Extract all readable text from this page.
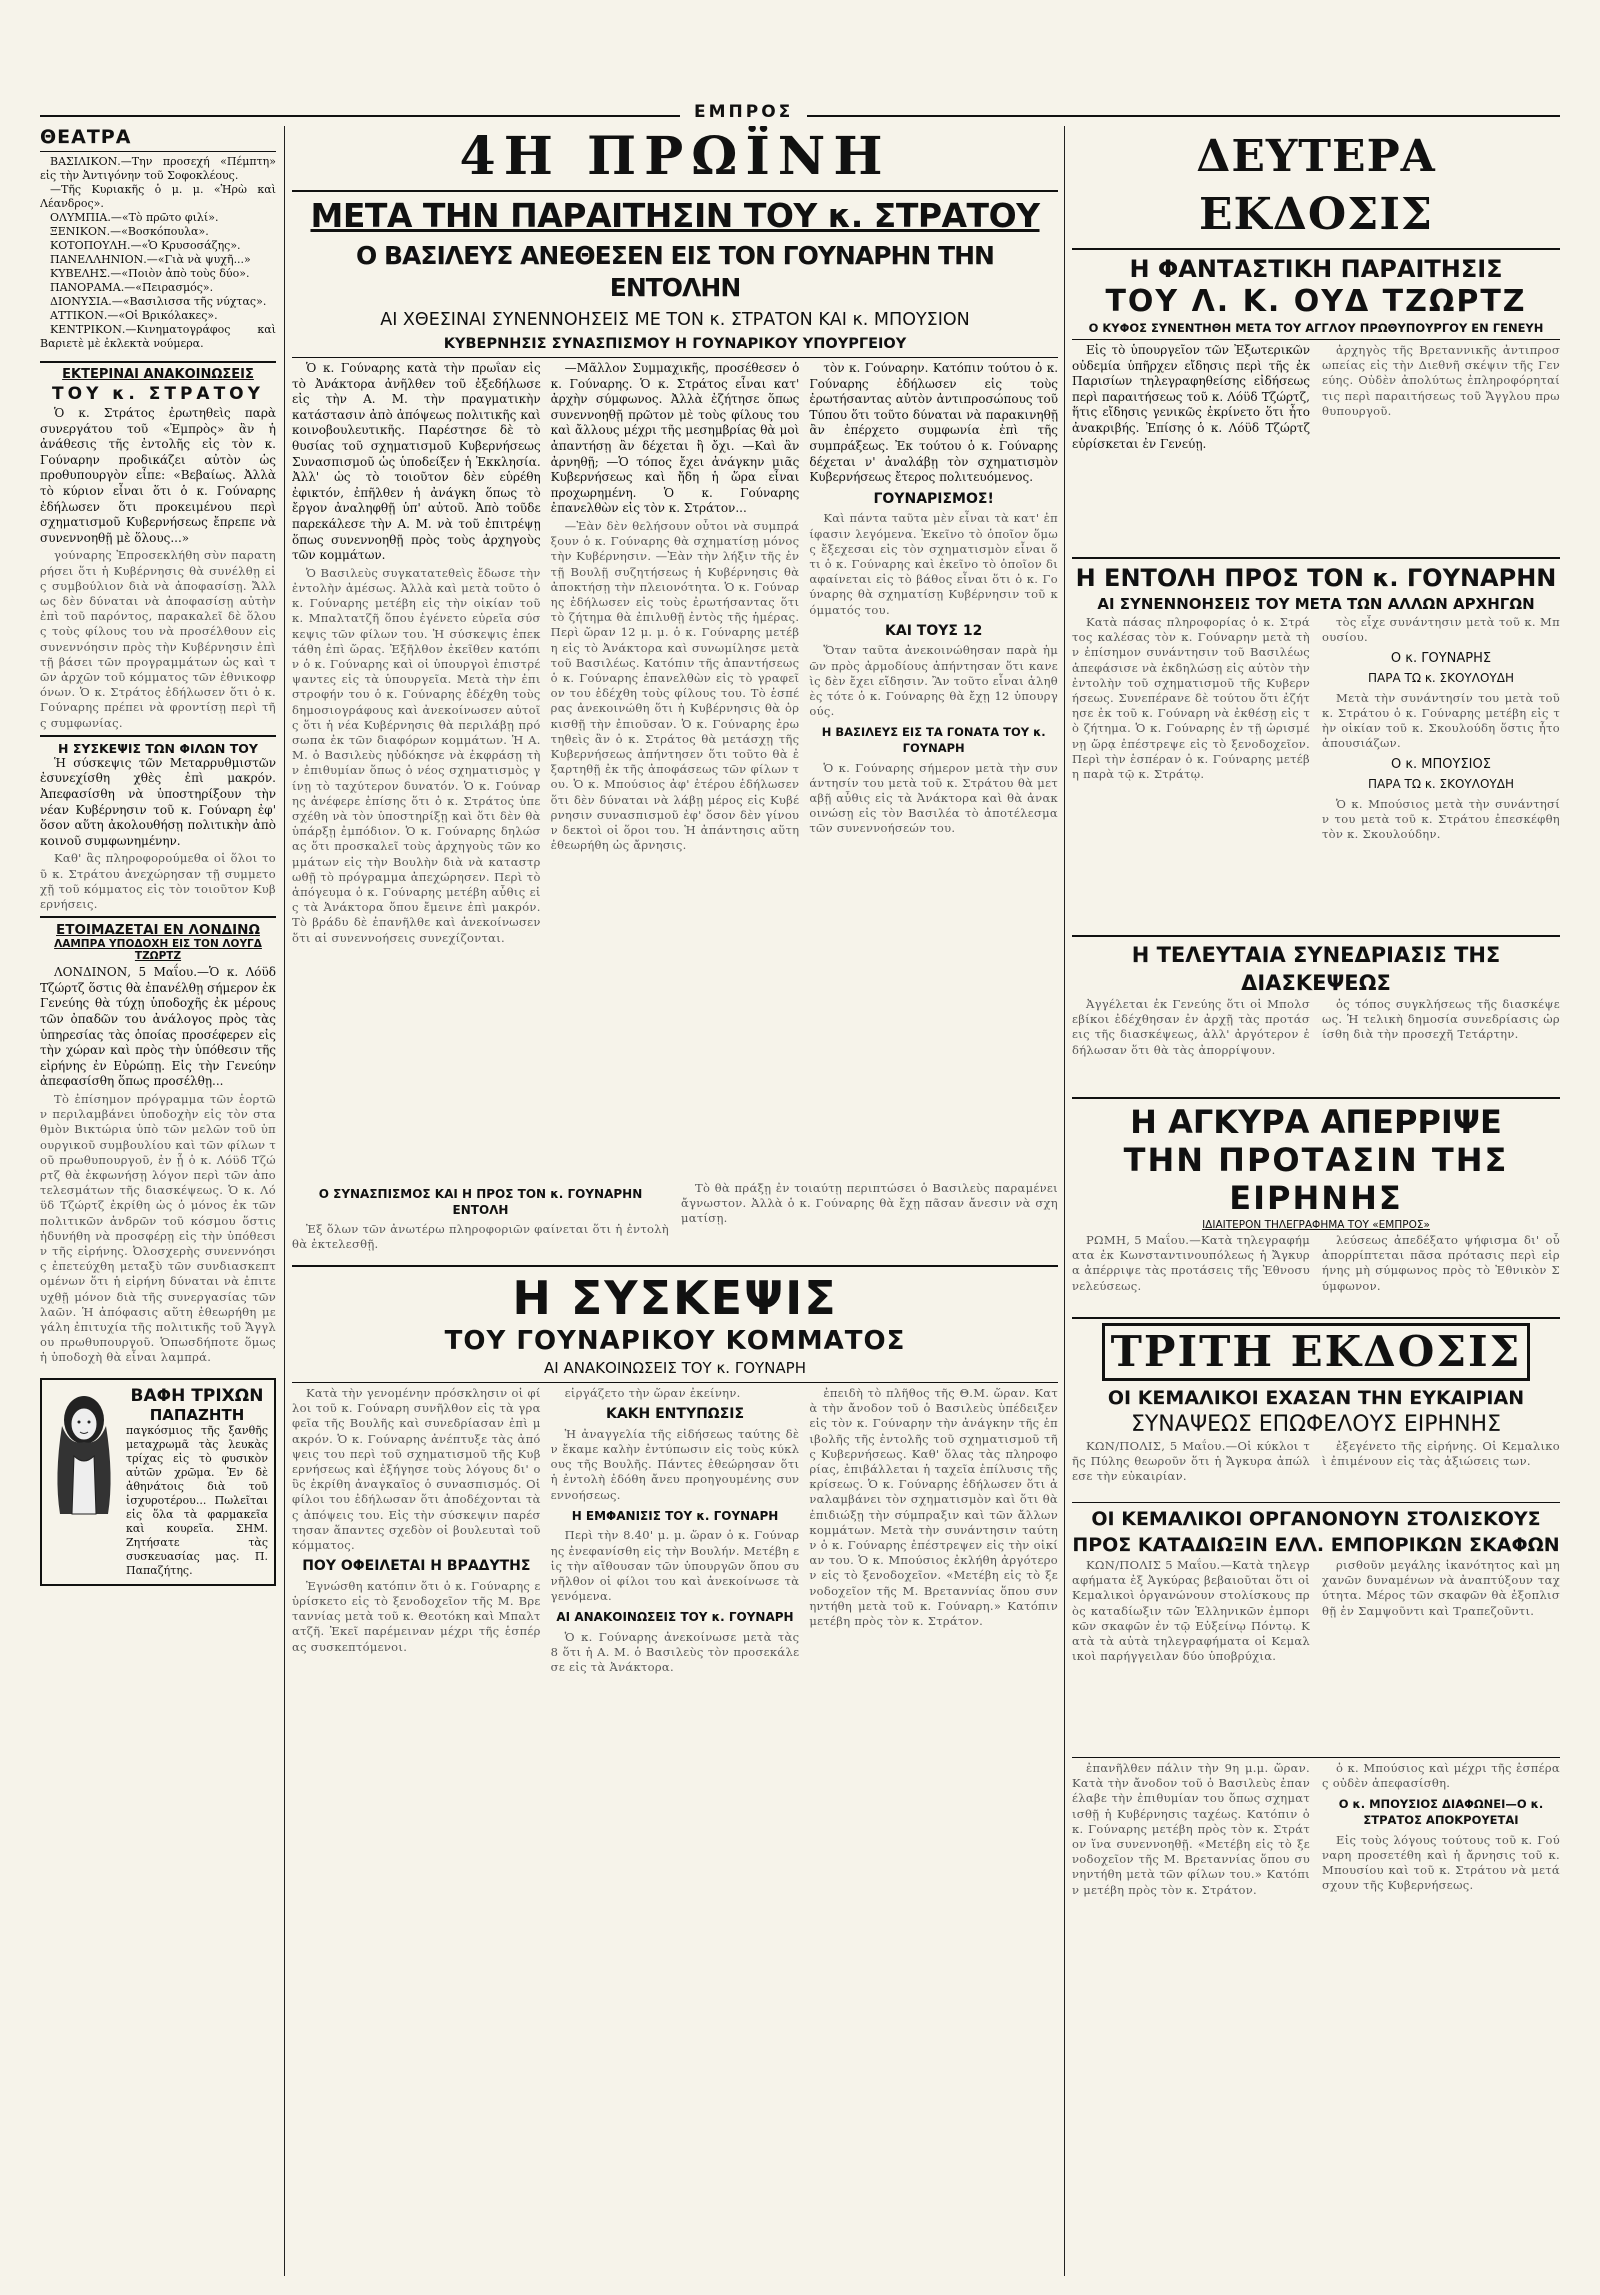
ΕΜΠΡΟΣ
ΘΕΑΤΡΑ
ΒΑΣΙΛΙΚΟΝ.—Την προσεχή «Πέμπτη» εἰς τὴν Ἀντιγόνην τοῦ Σοφοκλέους.
—Τῆς Κυριακῆς ὁ μ. μ. «Ἡρὼ καὶ Λέανδρος».
ΟΛΥΜΠΙΑ.—«Τὸ πρῶτο φιλί».
ΞΕΝΙΚΟΝ.—«Βοσκόπουλα».
ΚΟΤΟΠΟΥΛΗ.—«Ὁ Κρυσοσάζης».
ΠΑΝΕΛΛΗΝΙΟΝ.—«Γιὰ νὰ ψυχῆ...»
ΚΥΒΕΛΗΣ.—«Ποιὸν ἀπὸ τοὺς δύο».
ΠΑΝΟΡΑΜΑ.—«Πειρασμός».
ΔΙΟΝΥΣΙΑ.—«Βασιλισσα τῆς νύχτας».
ΑΤΤΙΚΟΝ.—«Οἱ Βρικόλακες».
ΚΕΝΤΡΙΚΟΝ.—Κινηματογράφος καὶ Βαριετὲ μὲ ἐκλεκτὰ νούμερα.
ΕΚΤΕΡΙΝΑΙ ΑΝΑΚΟΙΝΩΣΕΙΣ
ΤΟΥ κ. ΣΤΡΑΤΟΥ

Ὁ κ. Στράτος ἐρωτηθεὶς παρὰ συνεργάτου τοῦ «Ἐμπρὸς» ἂν ἡ ἀνάθεσις τῆς ἐντολῆς εἰς τὸν κ. Γούναρην προδικάζει αὐτὸν ὡς προθυπουργὸν εἶπε: «Βεβαίως. Ἀλλὰ τὸ κύριον εἶναι ὅτι ὁ κ. Γούναρης ἐδήλωσεν ὅτι προκειμένου περὶ σχηματισμοῦ Κυβερνήσεως ἔπρεπε νὰ συνεννοηθῇ μὲ ὅλους...»

γούναρης Ἐπροσεκλήθη σὺν παρατηρήσει ὅτι ἡ Κυβέρνησις θὰ συνέλθῃ εἰς συμβούλιον διὰ νὰ ἀποφασίσῃ. Ἄλλως δὲν δύναται νὰ ἀποφασίσῃ αὐτὴν ἐπὶ τοῦ παρόντος, παρακαλεῖ δὲ ὅλους τοὺς φίλους του νὰ προσέλθουν εἰς συνεννόησιν πρὸς τὴν Κυβέρνησιν ἐπὶ τῇ βάσει τῶν προγραμμάτων ὡς καὶ τῶν ἀρχῶν τοῦ κόμματος τῶν ἐθνικοφρόνων. Ὁ κ. Στράτος ἐδήλωσεν ὅτι ὁ κ. Γούναρης πρέπει νὰ φροντίσῃ περὶ τῆς συμφωνίας.

Η ΣΥΣΚΕΨΙΣ ΤΩΝ ΦΙΛΩΝ ΤΟΥ

Ἡ σύσκεψις τῶν Μεταρρυθμιστῶν ἐσυνεχίσθη χθὲς ἐπὶ μακρόν. Ἀπεφασίσθη νὰ ὑποστηρίξουν τὴν νέαν Κυβέρνησιν τοῦ κ. Γούναρη ἐφ' ὅσον αὕτη ἀκολουθήσῃ πολιτικὴν ἀπὸ κοινοῦ συμφωνημένην.

Καθ' ἃς πληροφορούμεθα οἱ ὅλοι τοῦ κ. Στράτου ἀνεχώρησαν τῇ συμμετοχῇ τοῦ κόμματος εἰς τὸν τοιοῦτον Κυβερνήσεις.

ΕΤΟΙΜΑΖΕΤΑΙ ΕΝ ΛΟΝΔΙΝΩ
ΛΑΜΠΡΑ ΥΠΟΔΟΧΗ ΕΙΣ ΤΟΝ ΛΟΥΓΔ ΤΖΩΡΤΖ

ΛΟΝΔΙΝΟΝ, 5 Μαΐου.—Ὁ κ. Λόϋδ Τζώρτζ ὅστις θὰ ἐπανέλθῃ σήμερον ἐκ Γενεύης θὰ τύχῃ ὑποδοχῆς ἐκ μέρους τῶν ὀπαδῶν του ἀνάλογος πρὸς τὰς ὑπηρεσίας τὰς ὁποίας προσέφερεν εἰς τὴν χώραν καὶ πρὸς τὴν ὑπόθεσιν τῆς εἰρήνης ἐν Εὐρώπῃ. Εἰς τὴν Γενεύην ἀπεφασίσθη ὅπως προσέλθῃ...

Τὸ ἐπίσημον πρόγραμμα τῶν ἑορτῶν περιλαμβάνει ὑποδοχὴν εἰς τὸν σταθμὸν Βικτώρια ὑπὸ τῶν μελῶν τοῦ ὑπουργικοῦ συμβουλίου καὶ τῶν φίλων τοῦ πρωθυπουργοῦ, ἐν ᾗ ὁ κ. Λόϋδ Τζώρτζ θὰ ἐκφωνήσῃ λόγον περὶ τῶν ἀποτελεσμάτων τῆς διασκέψεως. Ὁ κ. Λόϋδ Τζώρτζ ἐκρίθη ὡς ὁ μόνος ἐκ τῶν πολιτικῶν ἀνδρῶν τοῦ κόσμου ὅστις ἠδυνήθη νὰ προσφέρῃ εἰς τὴν ὑπόθεσιν τῆς εἰρήνης. Ὀλοσχερὴς συνεννόησις ἐπετεύχθη μεταξὺ τῶν συνδιασκεπτομένων ὅτι ἡ εἰρήνη δύναται νὰ ἐπιτευχθῇ μόνον διὰ τῆς συνεργασίας τῶν λαῶν. Ἡ ἀπόφασις αὕτη ἐθεωρήθη μεγάλη ἐπιτυχία τῆς πολιτικῆς τοῦ Ἄγγλου πρωθυπουργοῦ. Ὁπωσδήποτε ὅμως ἡ ὑποδοχὴ θὰ εἶναι λαμπρά.

ΒΑΦΗ ΤΡΙΧΩΝ
ΠΑΠΑΖΗΤΗ
παγκόσμιος τῆς ξανθῆς μεταχρωμᾶ τὰς λευκὰς τρίχας εἰς τὸ φυσικὸν αὐτῶν χρῶμα. Ἐν δὲ ἀθηνάτοις διὰ τοῦ ἰσχυροτέρου... Πωλεῖται εἰς ὅλα τὰ φαρμακεῖα καὶ κουρεῖα. ΣΗΜ. Ζητήσατε τὰς συσκευασίας μας. Π. Παπαζήτης.
4Η ΠΡΩΪΝΗ
ΜΕΤΑ ΤΗΝ ΠΑΡΑΙΤΗΣΙΝ ΤΟΥ κ. ΣΤΡΑΤΟΥ
Ο ΒΑΣΙΛΕΥΣ ΑΝΕΘΕΣΕΝ ΕΙΣ ΤΟΝ ΓΟΥΝΑΡΗΝ ΤΗΝ ΕΝΤΟΛΗΝ
ΑΙ ΧΘΕΣΙΝΑΙ ΣΥΝΕΝΝΟΗΣΕΙΣ ΜΕ ΤΟΝ κ. ΣΤΡΑΤΟΝ ΚΑΙ κ. ΜΠΟΥΣΙΟΝ
ΚΥΒΕΡΝΗΣΙΣ ΣΥΝΑΣΠΙΣΜΟΥ Η ΓΟΥΝΑΡΙΚΟΥ ΥΠΟΥΡΓΕΙΟΥ

Ὁ κ. Γούναρης κατὰ τὴν πρωΐαν εἰς τὸ Ἀνάκτορα ἀνῆλθεν τοῦ ἐξεδήλωσε εἰς τὴν Α. Μ. τὴν πραγματικὴν κατάστασιν ἀπὸ ἀπόψεως πολιτικῆς καὶ κοινοβουλευτικῆς. Παρέστησε δὲ τὸ θυσίας τοῦ σχηματισμοῦ Κυβερνήσεως Συνασπισμοῦ ὡς ὑποδείξεν ἡ Ἐκκλησία. Ἀλλ' ὡς τὸ τοιοῦτον δὲν εὑρέθη ἐφικτόν, ἐπῆλθεν ἡ ἀνάγκη ὅπως τὸ ἔργον ἀναληφθῇ ὑπ' αὐτοῦ. Ἀπὸ τοῦδε παρεκάλεσε τὴν Α. Μ. νὰ τοῦ ἐπιτρέψῃ ὅπως συνεννοηθῇ πρὸς τοὺς ἀρχηγοὺς τῶν κομμάτων.

Ὁ Βασιλεὺς συγκατατεθεὶς ἔδωσε τὴν ἐντολὴν ἀμέσως. Ἀλλὰ καὶ μετὰ τοῦτο ὁ κ. Γούναρης μετέβη εἰς τὴν οἰκίαν τοῦ κ. Μπαλτατζῆ ὅπου ἐγένετο εὐρεῖα σύσκεψις τῶν φίλων του. Ἡ σύσκεψις ἐπεκτάθη ἐπὶ ὥρας. Ἐξῆλθον ἐκεῖθεν κατόπιν ὁ κ. Γούναρης καὶ οἱ ὑπουργοὶ ἐπιστρέψαντες εἰς τὰ ὑπουργεῖα. Μετὰ τὴν ἐπιστροφήν του ὁ κ. Γούναρης ἐδέχθη τοὺς δημοσιογράφους καὶ ἀνεκοίνωσεν αὐτοῖς ὅτι ἡ νέα Κυβέρνησις θὰ περιλάβῃ πρόσωπα ἐκ τῶν διαφόρων κομμάτων. Ἡ Α. Μ. ὁ Βασιλεὺς ηὐδόκησε νὰ ἐκφράσῃ τὴν ἐπιθυμίαν ὅπως ὁ νέος σχηματισμὸς γίνῃ τὸ ταχύτερον δυνατόν. Ὁ κ. Γούναρης ἀνέφερε ἐπίσης ὅτι ὁ κ. Στράτος ὑπεσχέθη νὰ τὸν ὑποστηρίξῃ καὶ ὅτι δὲν θὰ ὑπάρξῃ ἐμπόδιον. Ὁ κ. Γούναρης δηλώσας ὅτι προσκαλεῖ τοὺς ἀρχηγοὺς τῶν κομμάτων εἰς τὴν Βουλὴν διὰ νὰ καταστρωθῇ τὸ πρόγραμμα ἀπεχώρησεν. Περὶ τὸ ἀπόγευμα ὁ κ. Γούναρης μετέβη αὖθις εἰς τὰ Ἀνάκτορα ὅπου ἔμεινε ἐπὶ μακρόν. Τὸ βράδυ δὲ ἐπανῆλθε καὶ ἀνεκοίνωσεν ὅτι αἱ συνεννοήσεις συνεχίζονται.

—Μᾶλλον Συμμαχικῆς, προσέθεσεν ὁ κ. Γούναρης. Ὁ κ. Στράτος εἶναι κατ' ἀρχὴν σύμφωνος. Ἀλλὰ ἐζήτησε ὅπως συνεννοηθῇ πρῶτον μὲ τοὺς φίλους του καὶ ἄλλους μέχρι τῆς μεσημβρίας θὰ μοὶ ἀπαντήσῃ ἂν δέχεται ἢ ὄχι. —Καὶ ἂν ἀρνηθῇ; —Ὁ τόπος ἔχει ἀνάγκην μιᾶς Κυβερνήσεως καὶ ἤδη ἡ ὥρα εἶναι προχωρημένη. Ὁ κ. Γούναρης ἐπανελθὼν εἰς τὸν κ. Στράτον...

—Ἐὰν δὲν θελήσουν οὗτοι νὰ συμπράξουν ὁ κ. Γούναρης θὰ σχηματίσῃ μόνος τὴν Κυβέρνησιν. —Ἐὰν τὴν λήξιν τῆς ἐν τῇ Βουλῇ συζητήσεως ἡ Κυβέρνησις θὰ ἀποκτήσῃ τὴν πλειονότητα. Ὁ κ. Γούναρης ἐδήλωσεν εἰς τοὺς ἐρωτήσαντας ὅτι τὸ ζήτημα θὰ ἐπιλυθῇ ἐντὸς τῆς ἡμέρας. Περὶ ὥραν 12 μ. μ. ὁ κ. Γούναρης μετέβη εἰς τὸ Ἀνάκτορα καὶ συνωμίλησε μετὰ τοῦ Βασιλέως. Κατόπιν τῆς ἀπαντήσεως ὁ κ. Γούναρης ἐπανελθὼν εἰς τὸ γραφεῖον του ἐδέχθη τοὺς φίλους του. Τὸ ἑσπέρας ἀνεκοινώθη ὅτι ἡ Κυβέρνησις θὰ ὁρκισθῇ τὴν ἐπιοῦσαν. Ὁ κ. Γούναρης ἐρωτηθεὶς ἂν ὁ κ. Στράτος θὰ μετάσχῃ τῆς Κυβερνήσεως ἀπήντησεν ὅτι τοῦτο θὰ ἐξαρτηθῇ ἐκ τῆς ἀποφάσεως τῶν φίλων του. Ὁ κ. Μπούσιος ἀφ' ἑτέρου ἐδήλωσεν ὅτι δὲν δύναται νὰ λάβῃ μέρος εἰς Κυβέρνησιν συνασπισμοῦ ἐφ' ὅσον δὲν γίνουν δεκτοὶ οἱ ὅροι του. Ἡ ἀπάντησις αὕτη ἐθεωρήθη ὡς ἄρνησις.

τὸν κ. Γούναρην. Κατόπιν τούτου ὁ κ. Γούναρης ἐδήλωσεν εἰς τοὺς ἐρωτήσαντας αὐτὸν ἀντιπροσώπους τοῦ Τύπου ὅτι τοῦτο δύναται νὰ παρακινηθῇ ἂν ἐπέρχετο συμφωνία ἐπὶ τῆς συμπράξεως. Ἐκ τούτου ὁ κ. Γούναρης δέχεται ν' ἀναλάβῃ τὸν σχηματισμὸν Κυβερνήσεως ἔτερος πολιτευόμενος.

ΓΟΥΝΑΡΙΣΜΟΣ!

Καὶ πάντα ταῦτα μὲν εἶναι τὰ κατ' ἐπίφασιν λεγόμενα. Ἐκεῖνο τὸ ὁποῖον ὅμως ἔξεχεσαι εἰς τὸν σχηματισμὸν εἶναι ὅτι ὁ κ. Γούναρης καὶ ἐκεῖνο τὸ ὁποῖον διαφαίνεται εἰς τὸ βάθος εἶναι ὅτι ὁ κ. Γούναρης θὰ σχηματίσῃ Κυβέρνησιν τοῦ κόμματός του.

ΚΑΙ ΤΟΥΣ 12

Ὅταν ταῦτα ἀνεκοινώθησαν παρὰ ἡμῶν πρὸς ἀρμοδίους ἀπήντησαν ὅτι κανεὶς δὲν ἔχει εἴδησιν. Ἂν τοῦτο εἶναι ἀληθὲς τότε ὁ κ. Γούναρης θὰ ἔχῃ 12 ὑπουργούς.

Η ΒΑΣΙΛΕΥΣ ΕΙΣ ΤΑ ΓΟΝΑΤΑ ΤΟΥ κ. ΓΟΥΝΑΡΗ

Ὁ κ. Γούναρης σήμερον μετὰ τὴν συνάντησίν του μετὰ τοῦ κ. Στράτου θὰ μεταβῇ αὖθις εἰς τὰ Ἀνάκτορα καὶ θὰ ἀνακοινώσῃ εἰς τὸν Βασιλέα τὸ ἀποτέλεσμα τῶν συνεννοήσεών του.

Ο ΣΥΝΑΣΠΙΣΜΟΣ ΚΑΙ Η ΠΡΟΣ ΤΟΝ κ. ΓΟΥΝΑΡΗΝ ΕΝΤΟΛΗ

Ἐξ ὅλων τῶν ἀνωτέρω πληροφοριῶν φαίνεται ὅτι ἡ ἐντολὴ θὰ ἐκτελεσθῇ.

Τὸ θὰ πράξῃ ἐν τοιαύτῃ περιπτώσει ὁ Βασιλεὺς παραμένει ἄγνωστον. Ἀλλὰ ὁ κ. Γούναρης θὰ ἔχῃ πᾶσαν ἄνεσιν νὰ σχηματίσῃ.

Η ΣΥΣΚΕΨΙΣ
ΤΟΥ ΓΟΥΝΑΡΙΚΟΥ ΚΟΜΜΑΤΟΣ
ΑΙ ΑΝΑΚΟΙΝΩΣΕΙΣ ΤΟΥ κ. ΓΟΥΝΑΡΗ

Κατὰ τὴν γενομένην πρόσκλησιν οἱ φίλοι τοῦ κ. Γούναρη συνῆλθον εἰς τὰ γραφεῖα τῆς Βουλῆς καὶ συνεδρίασαν ἐπὶ μακρόν. Ὁ κ. Γούναρης ἀνέπτυξε τὰς ἀπόψεις του περὶ τοῦ σχηματισμοῦ τῆς Κυβερνήσεως καὶ ἐξήγησε τοὺς λόγους δι' οὓς ἐκρίθη ἀναγκαῖος ὁ συνασπισμός. Οἱ φίλοι του ἐδήλωσαν ὅτι ἀποδέχονται τὰς ἀπόψεις του. Εἰς τὴν σύσκεψιν παρέστησαν ἅπαντες σχεδὸν οἱ βουλευταὶ τοῦ κόμματος.

ΠΟΥ ΟΦΕΙΛΕΤΑΙ Η ΒΡΑΔΥΤΗΣ

Ἐγνώσθη κατόπιν ὅτι ὁ κ. Γούναρης εὑρίσκετο εἰς τὸ ξενοδοχεῖον τῆς Μ. Βρεταννίας μετὰ τοῦ κ. Θεοτόκη καὶ Μπαλτατζῆ. Ἐκεῖ παρέμειναν μέχρι τῆς ἑσπέρας συσκεπτόμενοι.

εἰργάζετο τὴν ὥραν ἐκείνην.

ΚΑΚΗ ΕΝΤΥΠΩΣΙΣ

Ἡ ἀναγγελία τῆς εἰδήσεως ταύτης δὲν ἔκαμε καλὴν ἐντύπωσιν εἰς τοὺς κύκλους τῆς Βουλῆς. Πάντες ἐθεώρησαν ὅτι ἡ ἐντολὴ ἐδόθη ἄνευ προηγουμένης συνεννοήσεως.

Η ΕΜΦΑΝΙΣΙΣ ΤΟΥ κ. ΓΟΥΝΑΡΗ

Περὶ τὴν 8.40' μ. μ. ὥραν ὁ κ. Γούναρης ἐνεφανίσθη εἰς τὴν Βουλήν. Μετέβη εἰς τὴν αἴθουσαν τῶν ὑπουργῶν ὅπου συνῆλθον οἱ φίλοι του καὶ ἀνεκοίνωσε τὰ γενόμενα.

ΑΙ ΑΝΑΚΟΙΝΩΣΕΙΣ ΤΟΥ κ. ΓΟΥΝΑΡΗ

Ὁ κ. Γούναρης ἀνεκοίνωσε μετὰ τὰς 8 ὅτι ἡ Α. Μ. ὁ Βασιλεὺς τὸν προσεκάλεσε εἰς τὰ Ἀνάκτορα.

ἐπειδὴ τὸ πλῆθος τῆς Θ.Μ. ὥραν. Κατὰ τὴν ἄνοδον τοῦ ὁ Βασιλεὺς ὑπέδειξεν εἰς τὸν κ. Γούναρην τὴν ἀνάγκην τῆς ἐπιβολῆς τῆς ἐντολῆς τοῦ σχηματισμοῦ τῆς Κυβερνήσεως. Καθ' ὅλας τὰς πληροφορίας, ἐπιβάλλεται ἡ ταχεῖα ἐπίλυσις τῆς κρίσεως. Ὁ κ. Γούναρης ἐδήλωσεν ὅτι ἀναλαμβάνει τὸν σχηματισμὸν καὶ ὅτι θὰ ἐπιδιώξῃ τὴν σύμπραξιν καὶ τῶν ἄλλων κομμάτων. Μετὰ τὴν συνάντησιν ταύτην ὁ κ. Γούναρης ἐπέστρεψεν εἰς τὴν οἰκίαν του. Ὁ κ. Μπούσιος ἐκλήθη ἀργότερον εἰς τὸ ξενοδοχεῖον. «Μετέβη εἰς τὸ ξενοδοχεῖον τῆς Μ. Βρεταννίας ὅπου συνηντήθη μετὰ τοῦ κ. Γούναρη.» Κατόπιν μετέβη πρὸς τὸν κ. Στράτον.

ΔΕΥΤΕΡΑ ΕΚΔΟΣΙΣ
Η ΦΑΝΤΑΣΤΙΚΗ ΠΑΡΑΙΤΗΣΙΣ
ΤΟΥ Λ. Κ. ΟΥΔ ΤΖΩΡΤΖ
Ο ΚΥΦΟΣ ΣΥΝΕΝΤΗΘΗ ΜΕΤΑ ΤΟΥ ΑΓΓΛΟΥ ΠΡΩΘΥΠΟΥΡΓΟΥ ΕΝ ΓΕΝΕΥΗ

Εἰς τὸ ὑπουργεῖον τῶν Ἐξωτερικῶν οὐδεμία ὑπῆρχεν εἴδησις περὶ τῆς ἐκ Παρισίων τηλεγραφηθείσης εἰδήσεως περὶ παραιτήσεως τοῦ κ. Λόϋδ Τζώρτζ, ἥτις εἴδησις γενικῶς ἐκρίνετο ὅτι ἦτο ἀνακριβής. Ἐπίσης ὁ κ. Λόϋδ Τζώρτζ εὑρίσκεται ἐν Γενεύῃ.

ἀρχηγὸς τῆς Βρεταννικῆς ἀντιπροσωπείας εἰς τὴν Διεθνῆ σκέψιν τῆς Γενεύης. Οὐδὲν ἀπολύτως ἐπληροφόρηταί τις περὶ παραιτήσεως τοῦ Ἄγγλου πρωθυπουργοῦ.

Η ΕΝΤΟΛΗ ΠΡΟΣ ΤΟΝ κ. ΓΟΥΝΑΡΗΝ
ΑΙ ΣΥΝΕΝΝΟΗΣΕΙΣ ΤΟΥ ΜΕΤΑ ΤΩΝ ΑΛΛΩΝ ΑΡΧΗΓΩΝ

Κατὰ πάσας πληροφορίας ὁ κ. Στράτος καλέσας τὸν κ. Γούναρην μετὰ τὴν ἐπίσημον συνάντησιν τοῦ Βασιλέως ἀπεφάσισε νὰ ἐκδηλώσῃ εἰς αὐτὸν τὴν ἐντολὴν τοῦ σχηματισμοῦ τῆς Κυβερνήσεως. Συνεπέρανε δὲ τούτου ὅτι ἐζήτησε ἐκ τοῦ κ. Γούναρη νὰ ἐκθέσῃ εἰς τὸ ζήτημα. Ὁ κ. Γούναρης ἐν τῇ ὡρισμένῃ ὥρᾳ ἐπέστρεψε εἰς τὸ ξενοδοχεῖον. Περὶ τὴν ἑσπέραν ὁ κ. Γούναρης μετέβη παρὰ τῷ κ. Στράτῳ.

τὸς εἶχε συνάντησιν μετὰ τοῦ κ. Μπουσίου.

Ο κ. ΓΟΥΝΑΡΗΣ
ΠΑΡΑ ΤΩ κ. ΣΚΟΥΛΟΥΔΗ

Μετὰ τὴν συνάντησίν του μετὰ τοῦ κ. Στράτου ὁ κ. Γούναρης μετέβη εἰς τὴν οἰκίαν τοῦ κ. Σκουλούδη ὅστις ἦτο ἀπουσιάζων.

Ο κ. ΜΠΟΥΣΙΟΣ
ΠΑΡΑ ΤΩ κ. ΣΚΟΥΛΟΥΔΗ

Ὁ κ. Μπούσιος μετὰ τὴν συνάντησίν του μετὰ τοῦ κ. Στράτου ἐπεσκέφθη τὸν κ. Σκουλούδην.

Η ΤΕΛΕΥΤΑΙΑ ΣΥΝΕΔΡΙΑΣΙΣ ΤΗΣ ΔΙΑΣΚΕΨΕΩΣ

Ἀγγέλεται ἐκ Γενεύης ὅτι οἱ Μπολσεβίκοι ἐδέχθησαν ἐν ἀρχῇ τὰς προτάσεις τῆς διασκέψεως, ἀλλ' ἀργότερον ἐδήλωσαν ὅτι θὰ τὰς ἀπορρίψουν.

ὁς τόπος συγκλήσεως τῆς διασκέψεως. Ἡ τελικὴ δημοσία συνεδρίασις ὡρίσθη διὰ τὴν προσεχῆ Τετάρτην.

Η ΑΓΚΥΡΑ ΑΠΕΡΡΙΨΕ
ΤΗΝ ΠΡΟΤΑΣΙΝ ΤΗΣ ΕΙΡΗΝΗΣ
ΙΔΙΑΙΤΕΡΟΝ ΤΗΛΕΓΡΑΦΗΜΑ ΤΟΥ «ΕΜΠΡΟΣ»

ΡΩΜΗ, 5 Μαΐου.—Κατὰ τηλεγραφήματα ἐκ Κωνσταντινουπόλεως ἡ Ἄγκυρα ἀπέρριψε τὰς προτάσεις τῆς Ἐθνοσυνελεύσεως.

λεύσεως ἀπεδέξατο ψήφισμα δι' οὗ ἀπορρίπτεται πᾶσα πρότασις περὶ εἰρήνης μὴ σύμφωνος πρὸς τὸ Ἐθνικὸν Σύμφωνον.

ΤΡΙΤΗ ΕΚΔΟΣΙΣ
ΟΙ ΚΕΜΑΛΙΚΟΙ ΕΧΑΣΑΝ ΤΗΝ ΕΥΚΑΙΡΙΑΝ
ΣΥΝΑΨΕΩΣ ΕΠΩΦΕΛΟΥΣ ΕΙΡΗΝΗΣ

ΚΩΝ/ΠΟΛΙΣ, 5 Μαΐου.—Οἱ κύκλοι τῆς Πύλης θεωροῦν ὅτι ἡ Ἄγκυρα ἀπώλεσε τὴν εὐκαιρίαν.

ἐξεγένετο τῆς εἰρήνης. Οἱ Κεμαλικοὶ ἐπιμένουν εἰς τὰς ἀξιώσεις των.

ΟΙ ΚΕΜΑΛΙΚΟΙ ΟΡΓΑΝΟΝΟΥΝ ΣΤΟΛΙΣΚΟΥΣ
ΠΡΟΣ ΚΑΤΑΔΙΩΞΙΝ ΕΛΛ. ΕΜΠΟΡΙΚΩΝ ΣΚΑΦΩΝ

ΚΩΝ/ΠΟΛΙΣ 5 Μαΐου.—Κατὰ τηλεγραφήματα ἐξ Ἀγκύρας βεβαιοῦται ὅτι οἱ Κεμαλικοὶ ὀργανώνουν στολίσκους πρὸς καταδίωξιν τῶν Ἑλληνικῶν ἐμπορικῶν σκαφῶν ἐν τῷ Εὐξείνῳ Πόντῳ. Κατὰ τὰ αὐτὰ τηλεγραφήματα οἱ Κεμαλικοὶ παρήγγειλαν δύο ὑποβρύχια.

ρισθοῦν μεγάλης ἱκανότητος καὶ μηχανῶν δυναμένων νὰ ἀναπτύξουν ταχύτητα. Μέρος τῶν σκαφῶν θὰ ἐξοπλισθῇ ἐν Σαμψοῦντι καὶ Τραπεζοῦντι.

ἐπανῆλθεν πάλιν τὴν 9η μ.μ. ὥραν. Κατὰ τὴν ἄνοδον τοῦ ὁ Βασιλεὺς ἐπανέλαβε τὴν ἐπιθυμίαν του ὅπως σχηματισθῇ ἡ Κυβέρνησις ταχέως. Κατόπιν ὁ κ. Γούναρης μετέβη πρὸς τὸν κ. Στράτον ἵνα συνεννοηθῇ. «Μετέβη εἰς τὸ ξενοδοχεῖον τῆς Μ. Βρεταννίας ὅπου συνηντήθη μετὰ τῶν φίλων του.» Κατόπιν μετέβη πρὸς τὸν κ. Στράτον.

ὁ κ. Μπούσιος καὶ μέχρι τῆς ἑσπέρας οὐδὲν ἀπεφασίσθη.

Ο κ. ΜΠΟΥΣΙΟΣ ΔΙΑΦΩΝΕΙ—Ο κ. ΣΤΡΑΤΟΣ ΑΠΟΚΡΟΥΕΤΑΙ

Εἰς τοὺς λόγους τούτους τοῦ κ. Γούναρη προσετέθη καὶ ἡ ἄρνησις τοῦ κ. Μπουσίου καὶ τοῦ κ. Στράτου νὰ μετάσχουν τῆς Κυβερνήσεως.
